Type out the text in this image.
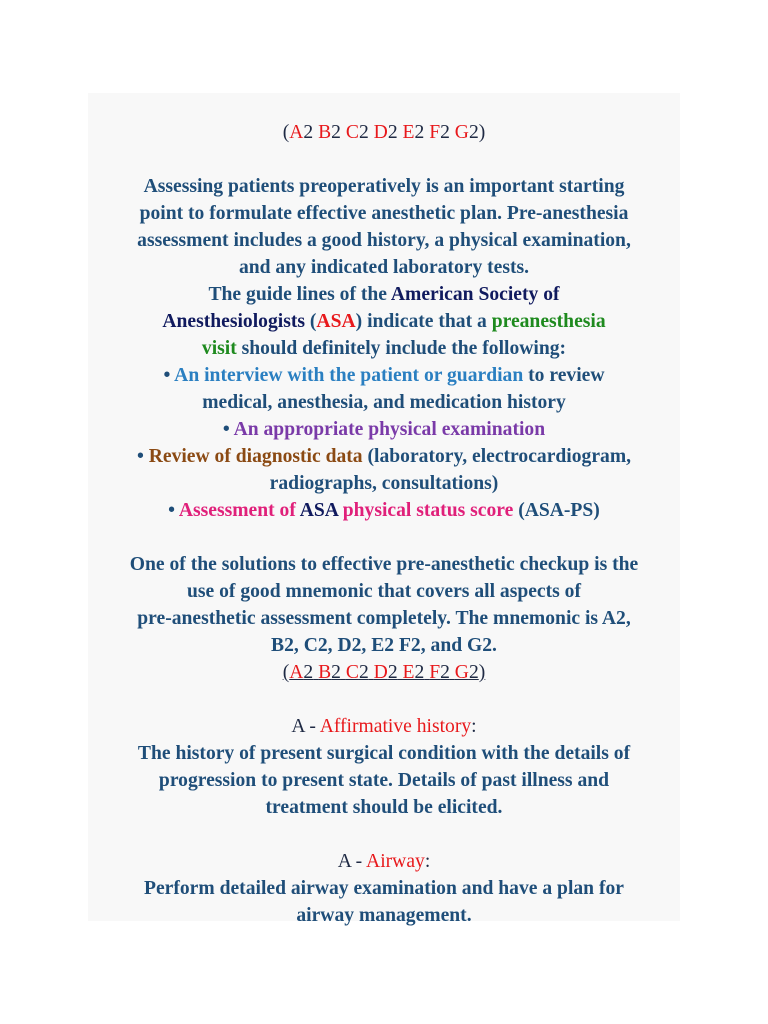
(A2 B2 C2 D2 E2 F2 G2)

Assessing patients preoperatively is an important starting

point to formulate effective anesthetic plan. Pre-anesthesia

assessment includes a good history, a physical examination,

and any indicated laboratory tests.

The guide lines of the American Society of

Anesthesiologists (ASA) indicate that a preanesthesia

visit should definitely include the following:

• An interview with the patient or guardian to review

medical, anesthesia, and medication history

• An appropriate physical examination

• Review of diagnostic data (laboratory, electrocardiogram,

radiographs, consultations)

• Assessment of ASA physical status score (ASA-PS)

One of the solutions to effective pre-anesthetic checkup is the

use of good mnemonic that covers all aspects of

pre-anesthetic assessment completely. The mnemonic is A2,

B2, C2, D2, E2 F2, and G2.

(A2 B2 C2 D2 E2 F2 G2)

A - Affirmative history:

The history of present surgical condition with the details of

progression to present state. Details of past illness and

treatment should be elicited.

A - Airway:

Perform detailed airway examination and have a plan for

airway management.
